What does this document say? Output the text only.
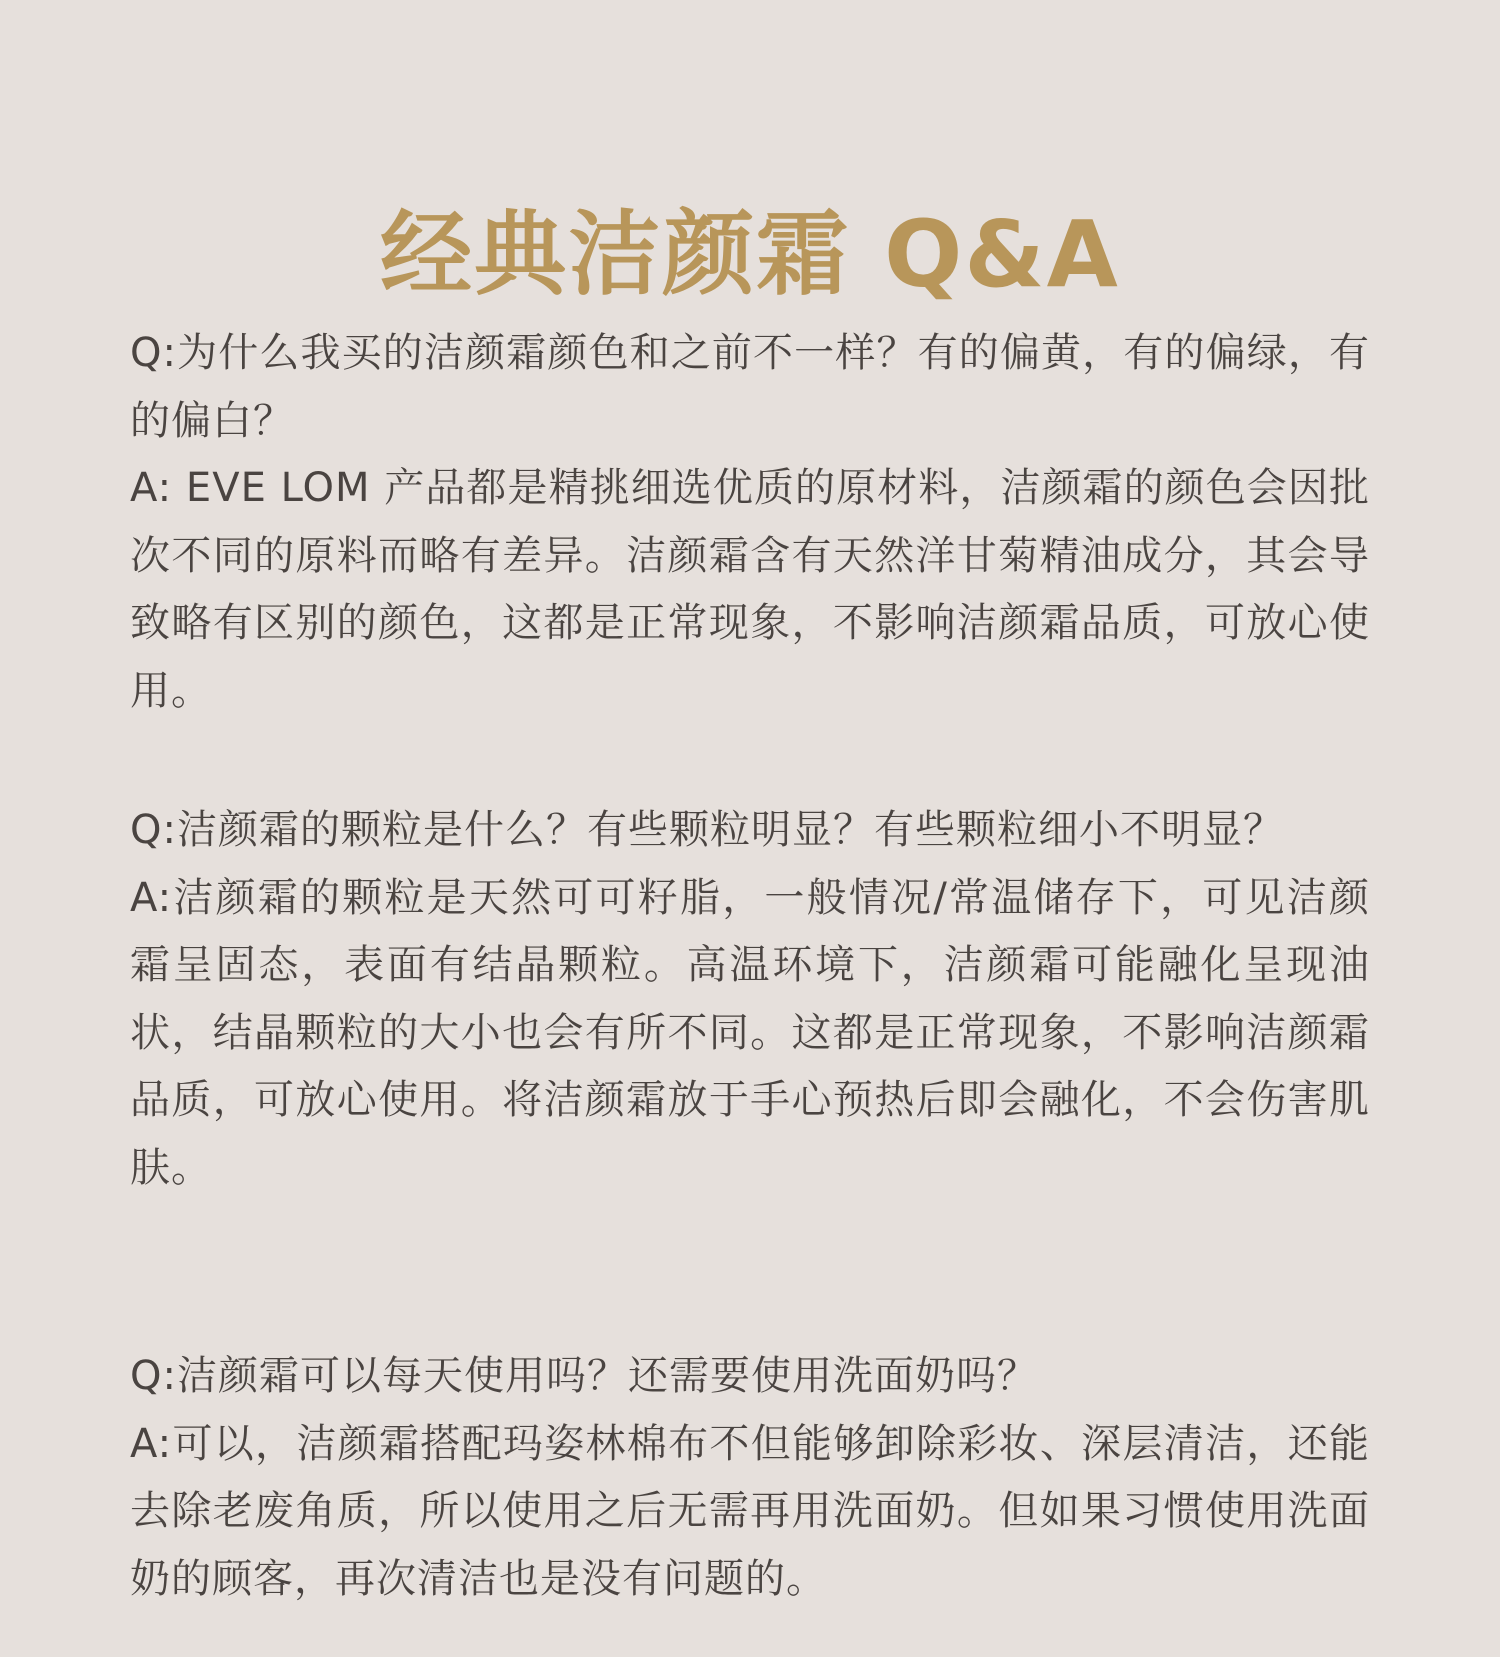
经典洁颜霜 Q&A

Q:为什么我买的洁颜霜颜色和之前不一样？有的偏黄，有的偏绿，有的偏白？

A: EVE LOM 产品都是精挑细选优质的原材料，洁颜霜的颜色会因批次不同的原料而略有差异。洁颜霜含有天然洋甘菊精油成分，其会导致略有区别的颜色，这都是正常现象，不影响洁颜霜品质，可放心使用。

Q:洁颜霜的颗粒是什么？有些颗粒明显？有些颗粒细小不明显？

A:洁颜霜的颗粒是天然可可籽脂，一般情况/常温储存下，可见洁颜霜呈固态，表面有结晶颗粒。高温环境下，洁颜霜可能融化呈现油状，结晶颗粒的大小也会有所不同。这都是正常现象，不影响洁颜霜品质，可放心使用。将洁颜霜放于手心预热后即会融化，不会伤害肌肤。

Q:洁颜霜可以每天使用吗？还需要使用洗面奶吗？

A:可以，洁颜霜搭配玛姿林棉布不但能够卸除彩妆、深层清洁，还能去除老废角质，所以使用之后无需再用洗面奶。但如果习惯使用洗面奶的顾客，再次清洁也是没有问题的。
